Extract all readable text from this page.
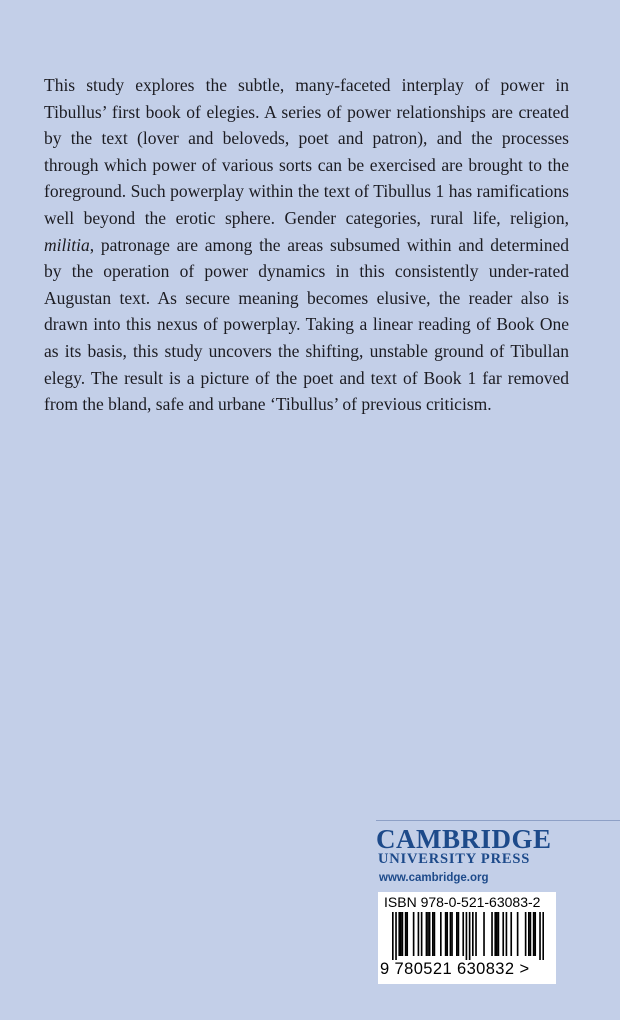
This study explores the subtle, many-faceted interplay of power in Tibullus’ first book of elegies. A series of power relationships are created by the text (lover and beloveds, poet and patron), and the processes through which power of various sorts can be exercised are brought to the foreground. Such powerplay within the text of Tibullus 1 has ramifications well beyond the erotic sphere. Gender categories, rural life, religion, militia, patronage are among the areas subsumed within and determined by the operation of power dynamics in this consistently under-rated Augustan text. As secure meaning becomes elusive, the reader also is drawn into this nexus of powerplay. Taking a linear reading of Book One as its basis, this study uncovers the shifting, unstable ground of Tibullan elegy. The result is a picture of the poet and text of Book 1 far removed from the bland, safe and urbane ‘Tibullus’ of previous criticism.

CAMBRIDGE

UNIVERSITY PRESS

www.cambridge.org

ISBN 978-0-521-63083-2

9 780521 630832 >
